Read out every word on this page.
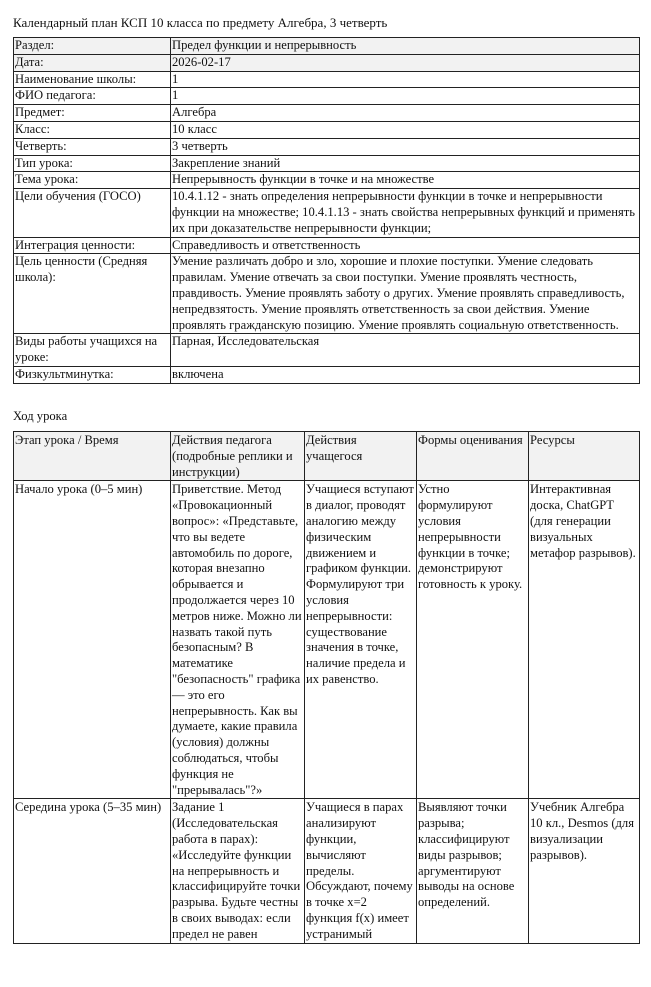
Календарный план КСП 10 класса по предмету Алгебра, 3 четверть
Раздел:	Предел функции и непрерывность
Дата:	2026-02-17
Наименование школы:	1
ФИО педагога:	1
Предмет:	Алгебра
Класс:	10 класс
Четверть:	3 четверть
Тип урока:	Закрепление знаний
Тема урока:	Непрерывность функции в точке и на множестве
Цели обучения (ГОСО)	10.4.1.12 - знать определения непрерывности функции в точке и непрерывности функции на множестве; 10.4.1.13 - знать свойства непрерывных функций и применять их при доказательстве непрерывности функции;
Интеграция ценности:	Справедливость и ответственность
Цель ценности (Средняя школа):	Умение различать добро и зло, хорошие и плохие поступки. Умение следовать правилам. Умение отвечать за свои поступки. Умение проявлять честность, правдивость. Умение проявлять заботу о других. Умение проявлять справедливость, непредвзятость. Умение проявлять ответственность за свои действия. Умение проявлять гражданскую позицию. Умение проявлять социальную ответственность.
Виды работы учащихся на уроке:	Парная, Исследовательская
Физкультминутка:	включена
Ход урока
Этап урока / Время	Действия педагога (подробные реплики и инструкции)	Действия учащегося	Формы оценивания	Ресурсы
Начало урока (0–5 мин)	Приветствие. Метод «Провокационный вопрос»: «Представьте, что вы ведете автомобиль по дороге, которая внезапно обрывается и продолжается через 10 метров ниже. Можно ли назвать такой путь безопасным? В математике "безопасность" графика — это его непрерывность. Как вы думаете, какие правила (условия) должны соблюдаться, чтобы функция не "прерывалась"?»	Учащиеся вступают в диалог, проводят аналогию между физическим движением и графиком функции. Формулируют три условия непрерывности: существование значения в точке, наличие предела и их равенство.	Устно формулируют условия непрерывности функции в точке; демонстрируют готовность к уроку.	Интерактивная доска, ChatGPT (для генерации визуальных метафор разрывов).
Середина урока (5–35 мин)	Задание 1 (Исследовательская работа в парах): «Исследуйте функции на непрерывность и классифицируйте точки разрыва. Будьте честны в своих выводах: если предел не равен	Учащиеся в парах анализируют функции, вычисляют пределы. Обсуждают, почему в точке x=2 функция f(x) имеет устранимый	Выявляют точки разрыва; классифицируют виды разрывов; аргументируют выводы на основе определений.	Учебник Алгебра 10 кл., Desmos (для визуализации разрывов).
